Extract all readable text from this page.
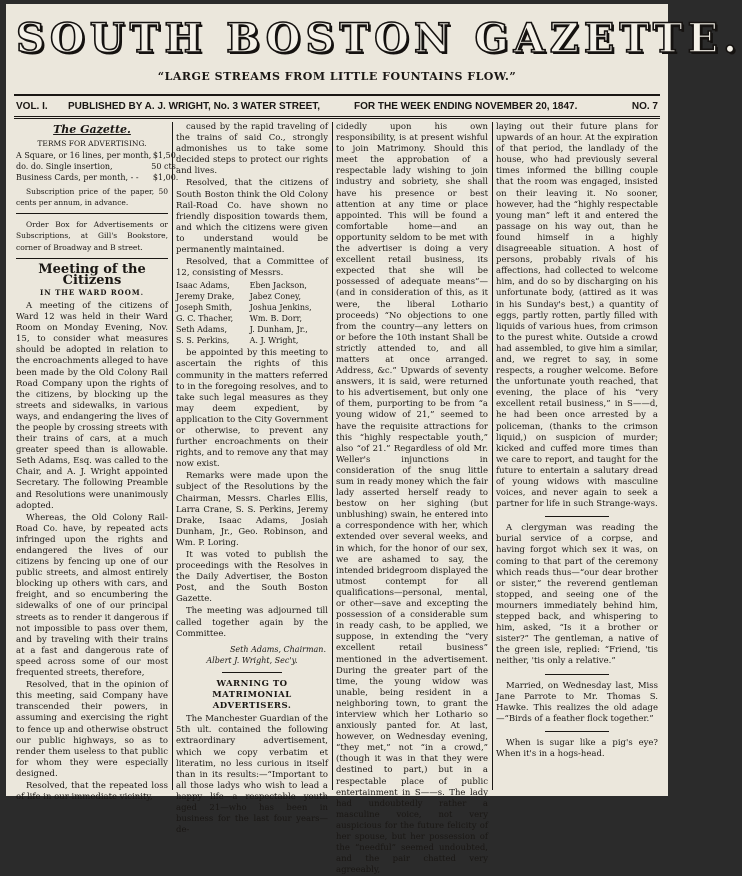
SOUTH BOSTON GAZETTE.
“LARGE STREAMS FROM LITTLE FOUNTAINS FLOW.”
VOL. I. PUBLISHED BY A. J. WRIGHT, No. 3 WATER STREET,	FOR THE WEEK ENDING NOVEMBER 20, 1847.	NO. 7
The Gazette.

TERMS FOR ADVERTISING.

A Square, or 16 lines, per month,	$1,50.
do. do. Single insertion,	50 cts.
Business Cards, per month, - -	$1,00.

Subscription price of the paper, 50 cents per annum, in advance.

Order Box for Advertisements or Subscriptions, at Gill's Bookstore, corner of Broadway and B street.

Meeting of the Citizens
IN THE WARD ROOM.

A meeting of the citizens of Ward 12 was held in their Ward Room on Monday Evening, Nov. 15, to consider what measures should be adopted in relation to the encroachments alleged to have been made by the Old Colony Rail Road Company upon the rights of the citizens, by blocking up the streets and sidewalks, in various ways, and endangering the lives of the people by crossing streets with their trains of cars, at a much greater speed than is allowable. Seth Adams, Esq. was called to the Chair, and A. J. Wright appointed Secretary. The following Preamble and Resolutions were unanimously adopted.

Whereas, the Old Colony Rail-Road Co. have, by repeated acts infringed upon the rights and endangered the lives of our citizens by fencing up one of our public streets, and almost entirely blocking up others with cars, and freight, and so encumbering the sidewalks of one of our principal streets as to render it dangerous if not impossible to pass over them, and by traveling with their trains at a fast and dangerous rate of speed across some of our most frequented streets, therefore,

Resolved, that in the opinion of this meeting, said Company have transcended their powers, in assuming and exercising the right to fence up and otherwise obstruct our public highways, so as to render them useless to that public for whom they were especially designed.

Resolved, that the repeated loss of life in our immediate vicinity,

caused by the rapid traveling of the trains of said Co., strongly admonishes us to take some decided steps to protect our rights and lives.

Resolved, that the citizens of South Boston think the Old Colony Rail-Road Co. have shown no friendly disposition towards them, and which the citizens were given to understand would be permanently maintained.

Resolved, that a Committee of 12, consisting of Messrs.

Isaac Adams,	Eben Jackson,
Jeremy Drake,	Jabez Coney,
Joseph Smith,	Joshua Jenkins,
G. C. Thacher,	Wm. B. Dorr,
Seth Adams,	J. Dunham, Jr.,
S. S. Perkins,	A. J. Wright,

be appointed by this meeting to ascertain the rights of this community in the matters referred to in the foregoing resolves, and to take such legal measures as they may deem expedient, by application to the City Government or otherwise, to prevent any further encroachments on their rights, and to remove any that may now exist.

Remarks were made upon the subject of the Resolutions by the Chairman, Messrs. Charles Ellis, Larra Crane, S. S. Perkins, Jeremy Drake, Isaac Adams, Josiah Dunham, Jr., Geo. Robinson, and Wm. P. Loring.

It was voted to publish the proceedings with the Resolves in the Daily Advertiser, the Boston Post, and the South Boston Gazette.

The meeting was adjourned till called together again by the Committee.

Seth Adams, Chairman.
Albert J. Wright, Sec'y.
WARNING TO MATRIMONIAL ADVERTISERS.

The Manchester Guardian of the 5th ult. contained the following extraordinary advertisement, which we copy verbatim et literatim, no less curious in itself than in its results:—“Important to all those ladys who wish to lead a happy life—a respectable youth aged 21—who has been in business for the last four years—de-

cidedly upon his own responsibility, is at present wishful to join Matrimony. Should this meet the approbation of a respectable lady wishing to join industry and sobriety, she shall have his presence or best attention at any time or place appointed. This will be found a comfortable home—and an opportunity seldom to be met with the advertiser is doing a very excellent retail business, its expected that she will be possessed of adequate means”—(and in consideration of this, as it were, the liberal Lothario proceeds) “No objections to one from the country—any letters on or before the 10th instant Shall be strictly attended to, and all matters at once arranged. Address, &c.” Upwards of seventy answers, it is said, were returned to his advertisement, but only one of them, purporting to be from “a young widow of 21,” seemed to have the requisite attractions for this “highly respectable youth,” also “of 21.” Regardless of old Mr. Weller's injunctions in consideration of the snug little sum in ready money which the fair lady asserted herself ready to bestow on her sighing (but unblushing) swain, he entered into a correspondence with her, which extended over several weeks, and in which, for the honor of our sex, we are ashamed to say, the intended bridegroom displayed the utmost contempt for all qualifications—personal, mental, or other—save and excepting the possession of a considerable sum in ready cash, to be applied, we suppose, in extending the “very excellent retail business” mentioned in the advertisement. During the greater part of the time, the young widow was unable, being resident in a neighboring town, to grant the interview which her Lothario so anxiously panted for. At last, however, on Wednesday evening, “they met,” not “in a crowd,” (though it was in that they were destined to part,) but in a respectable place of public entertainment in S——s. The lady had undoubtedly rather a masculine voice, not very auspicious for the future felicity of her spouse, but her possession of the “needful” seemed undoubted, and the pair chatted very agreeably,

laying out their future plans for upwards of an hour. At the expiration of that period, the landlady of the house, who had previously several times informed the billing couple that the room was engaged, insisted on their leaving it. No sooner, however, had the “highly respectable young man” left it and entered the passage on his way out, than he found himself in a highly disagreeable situation. A host of persons, probably rivals of his affections, had collected to welcome him, and do so by discharging on his unfortunate body, (attired as it was in his Sunday's best,) a quantity of eggs, partly rotten, partly filled with liquids of various hues, from crimson to the purest white. Outside a crowd had assembled, to give him a similar, and, we regret to say, in some respects, a rougher welcome. Before the unfortunate youth reached, that evening, the place of his “very excellent retail business,” in S——d, he had been once arrested by a policeman, (thanks to the crimson liquid,) on suspicion of murder; kicked and cuffed more times than we care to report, and taught for the future to entertain a salutary dread of young widows with masculine voices, and never again to seek a partner for life in such Strange-ways.

A clergyman was reading the burial service of a corpse, and having forgot which sex it was, on coming to that part of the ceremony which reads thus—“our dear brother or sister,” the reverend gentleman stopped, and seeing one of the mourners immediately behind him, stepped back, and whispering to him, asked, “Is it a brother or sister?” The gentleman, a native of the green isle, replied: “Friend, 'tis neither, 'tis only a relative.”

Married, on Wednesday last, Miss Jane Parrote to Mr. Thomas S. Hawke. This realizes the old adage—“Birds of a feather flock together.”

When is sugar like a pig's eye? When it's in a hogs-head.
